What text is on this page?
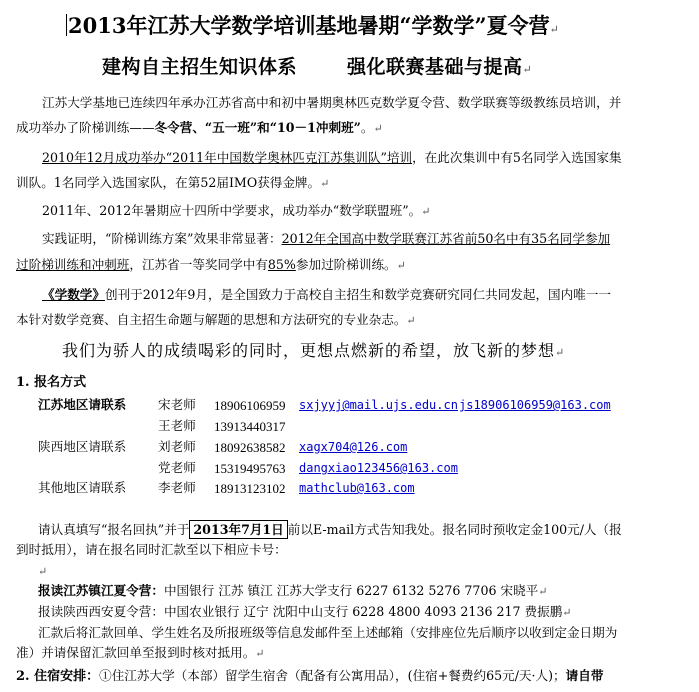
2013年江苏大学数学培训基地暑期“学数学”夏令营↵
建构自主招生知识体系	强化联赛基础与提高↵
江苏大学基地已连续四年承办江苏省高中和初中暑期奥林匹克数学夏令营、数学联赛等级教练员培训，并
成功举办了阶梯训练——冬令营、“五一班”和“10－1冲刺班”。↵
2010年12月成功举办“2011年中国数学奥林匹克江苏集训队”培训，在此次集训中有5名同学入选国家集
训队。1名同学入选国家队，在第52届IMO获得金牌。↵
2011年、2012年暑期应十四所中学要求，成功举办“数学联盟班”。↵
实践证明，“阶梯训练方案”效果非常显著：2012年全国高中数学联赛江苏省前50名中有35名同学参加
过阶梯训练和冲刺班，江苏省一等奖同学中有85%参加过阶梯训练。↵
《学数学》创刊于2012年9月，是全国致力于高校自主招生和数学竞赛研究同仁共同发起，国内唯一一
本针对数学竞赛、自主招生命题与解题的思想和方法研究的专业杂志。↵
我们为骄人的成绩喝彩的同时，更想点燃新的希望，放飞新的梦想↵
1. 报名方式
江苏地区请联系	宋老师 18906106959 sxjyyj@mail.ujs.edu.cn js18906106959@163.com
王老师 13913440317
陕西地区请联系	刘老师 18092638582 xagx704@126.com
党老师 15319495763 dangxiao123456@163.com
其他地区请联系	李老师 18913123102 mathclub@163.com
请认真填写“报名回执”并于 2013年7月1日 前以E-mail方式告知我处。报名同时预收定金100元/人（报
到时抵用），请在报名同时汇款至以下相应卡号：
↵
报读江苏镇江夏令营：中国银行 江苏 镇江 江苏大学支行 6227 6132 5276 7706 宋晓平↵
报读陕西西安夏令营：中国农业银行 辽宁 沈阳中山支行 6228 4800 4093 2136 217 费振鹏↵
汇款后将汇款回单、学生姓名及所报班级等信息发邮件至上述邮箱（安排座位先后顺序以收到定金日期为
准）并请保留汇款回单至报到时核对抵用。↵
2. 住宿安排：①住江苏大学（本部）留学生宿舍（配备有公寓用品），(住宿+餐费约65元/天·人)；请自带
